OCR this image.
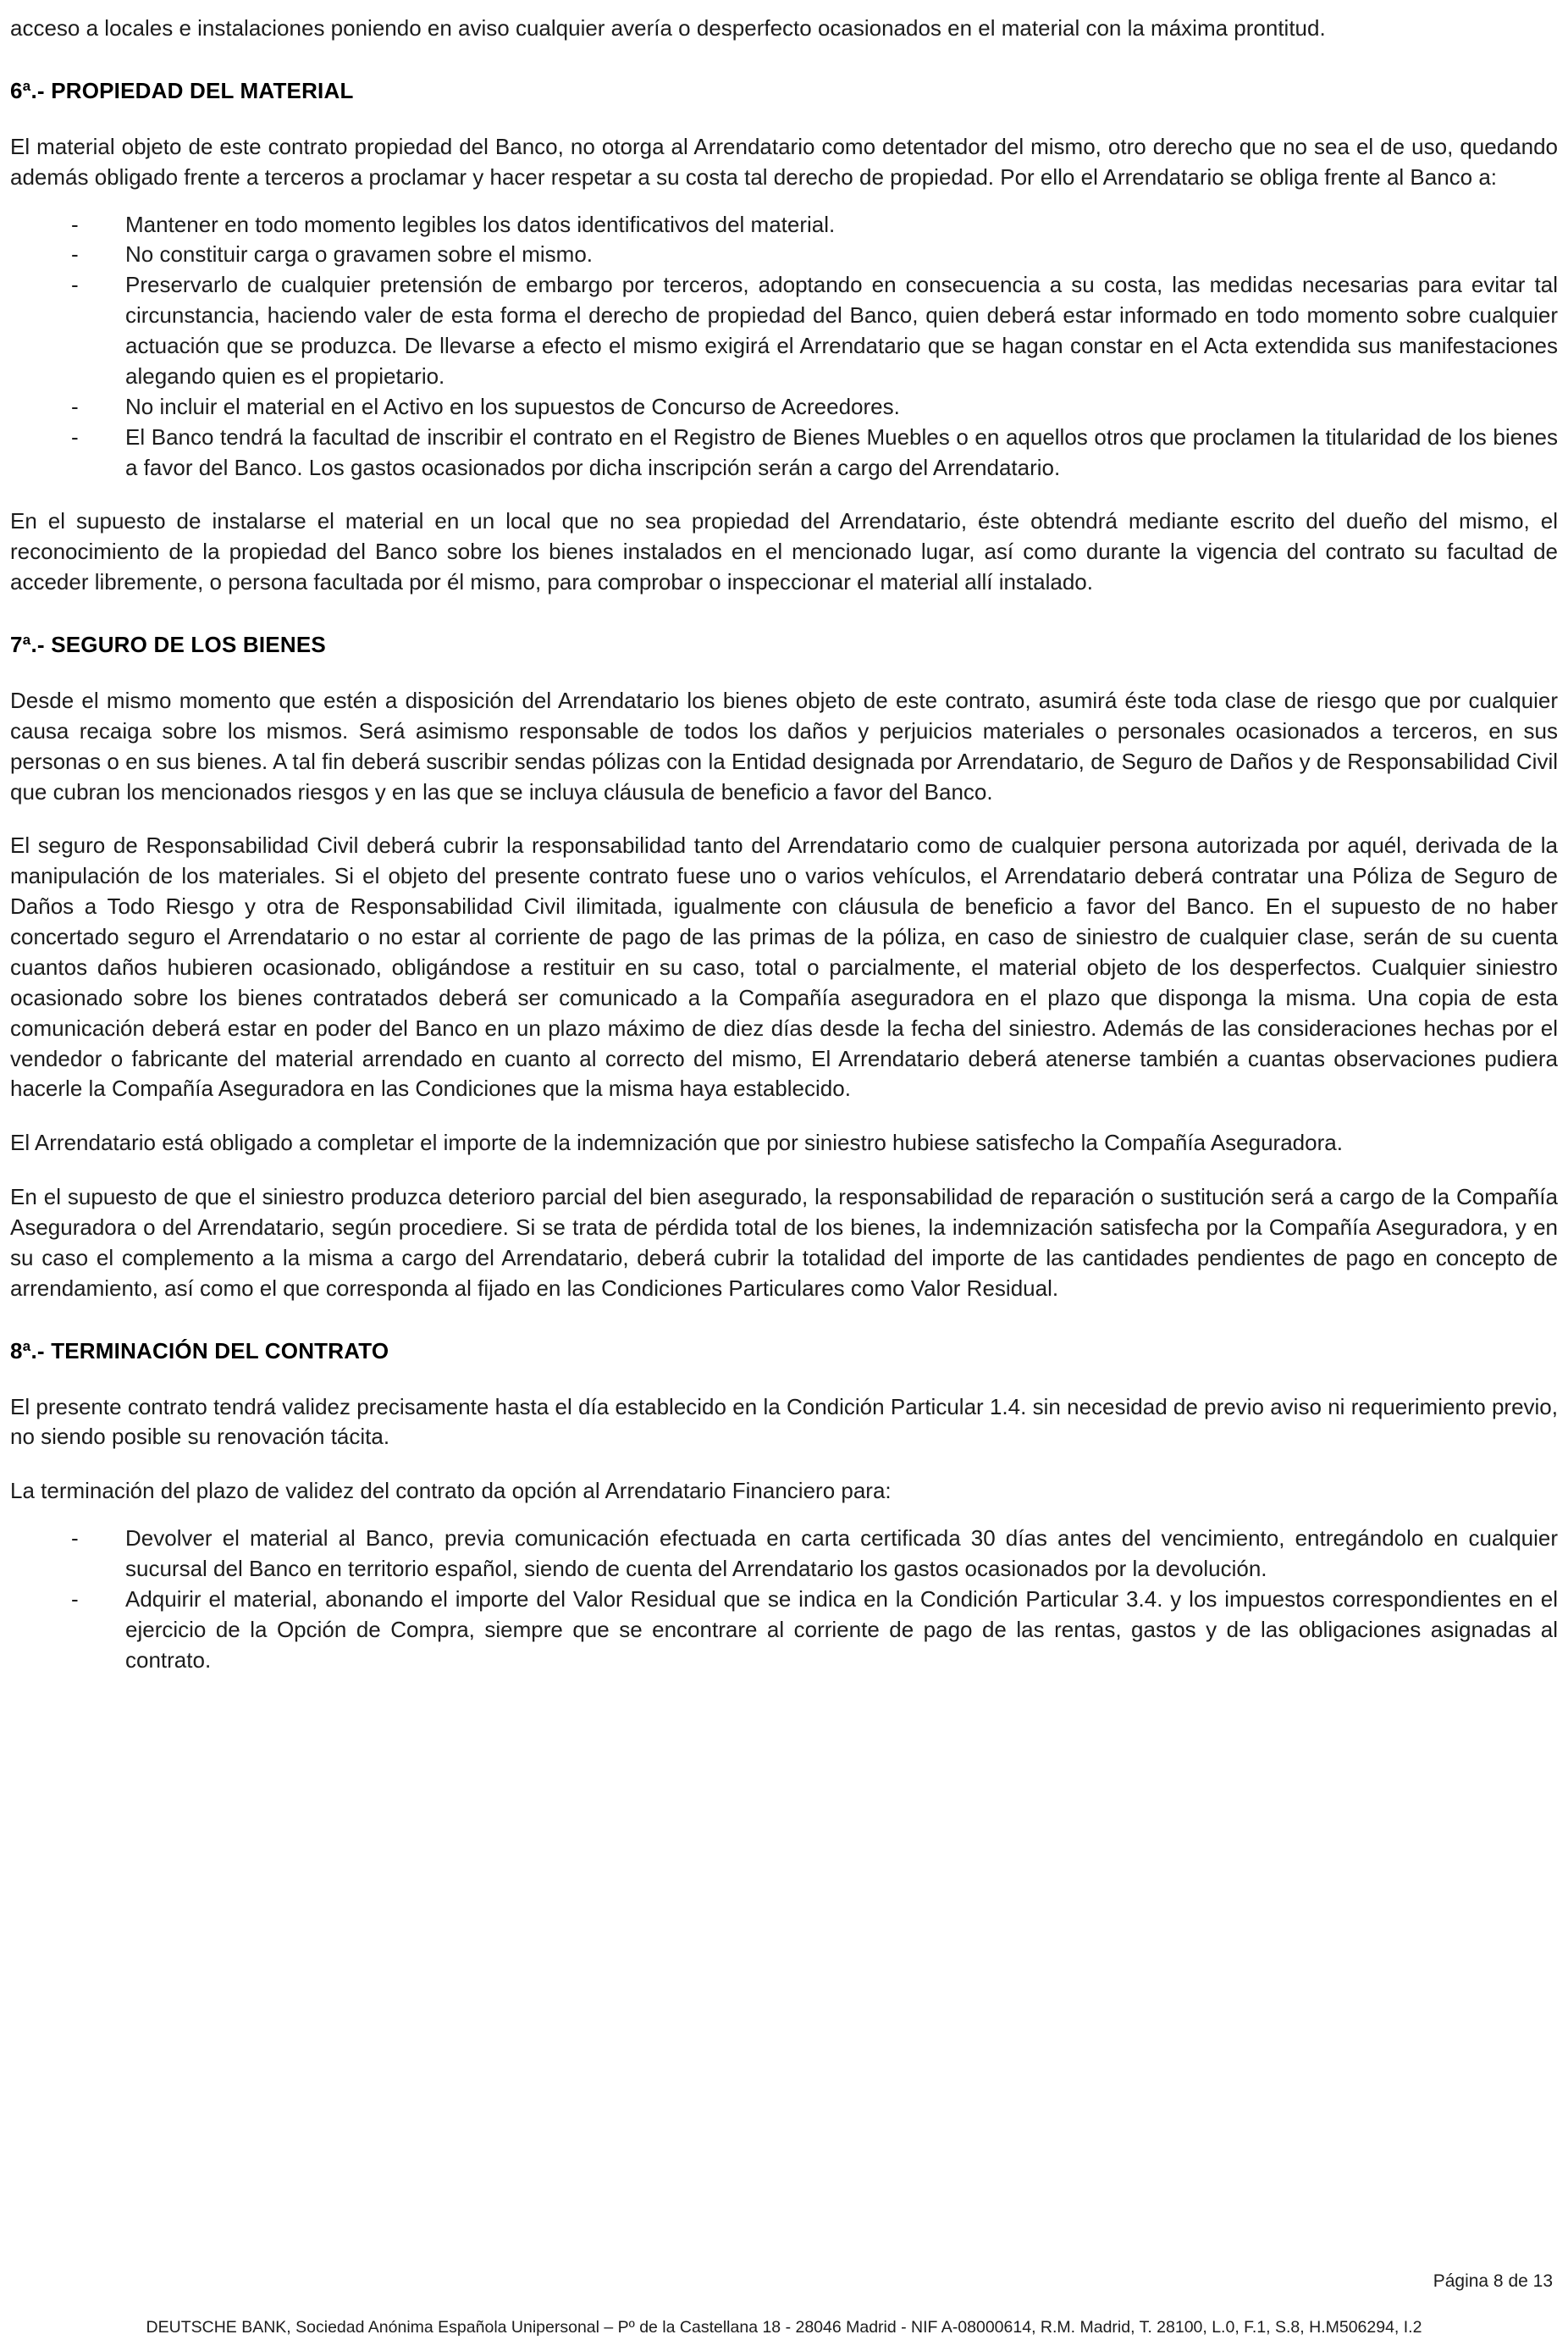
acceso a locales e instalaciones poniendo en aviso cualquier avería o desperfecto ocasionados en el material con la máxima prontitud.

6ª.- PROPIEDAD DEL MATERIAL

El material objeto de este contrato propiedad del Banco, no otorga al Arrendatario como detentador del mismo, otro derecho que no sea el de uso, quedando además obligado frente a terceros a proclamar y hacer respetar a su costa tal derecho de propiedad. Por ello el Arrendatario se obliga frente al Banco a:

-	Mantener en todo momento legibles los datos identificativos del material.
-	No constituir carga o gravamen sobre el mismo.
-	Preservarlo de cualquier pretensión de embargo por terceros, adoptando en consecuencia a su costa, las medidas necesarias para evitar tal circunstancia, haciendo valer de esta forma el derecho de propiedad del Banco, quien deberá estar informado en todo momento sobre cualquier actuación que se produzca. De llevarse a efecto el mismo exigirá el Arrendatario que se hagan constar en el Acta extendida sus manifestaciones alegando quien es el propietario.
-	No incluir el material en el Activo en los supuestos de Concurso de Acreedores.
-	El Banco tendrá la facultad de inscribir el contrato en el Registro de Bienes Muebles o en aquellos otros que proclamen la titularidad de los bienes a favor del Banco. Los gastos ocasionados por dicha inscripción serán a cargo del Arrendatario.

En el supuesto de instalarse el material en un local que no sea propiedad del Arrendatario, éste obtendrá mediante escrito del dueño del mismo, el reconocimiento de la propiedad del Banco sobre los bienes instalados en el mencionado lugar, así como durante la vigencia del contrato su facultad de acceder libremente, o persona facultada por él mismo, para comprobar o inspeccionar el material allí instalado.

7ª.- SEGURO DE LOS BIENES

Desde el mismo momento que estén a disposición del Arrendatario los bienes objeto de este contrato, asumirá éste toda clase de riesgo que por cualquier causa recaiga sobre los mismos. Será asimismo responsable de todos los daños y perjuicios materiales o personales ocasionados a terceros, en sus personas o en sus bienes. A tal fin deberá suscribir sendas pólizas con la Entidad designada por Arrendatario, de Seguro de Daños y de Responsabilidad Civil que cubran los mencionados riesgos y en las que se incluya cláusula de beneficio a favor del Banco.

El seguro de Responsabilidad Civil deberá cubrir la responsabilidad tanto del Arrendatario como de cualquier persona autorizada por aquél, derivada de la manipulación de los materiales. Si el objeto del presente contrato fuese uno o varios vehículos, el Arrendatario deberá contratar una Póliza de Seguro de Daños a Todo Riesgo y otra de Responsabilidad Civil ilimitada, igualmente con cláusula de beneficio a favor del Banco. En el supuesto de no haber concertado seguro el Arrendatario o no estar al corriente de pago de las primas de la póliza, en caso de siniestro de cualquier clase, serán de su cuenta cuantos daños hubieren ocasionado, obligándose a restituir en su caso, total o parcialmente, el material objeto de los desperfectos. Cualquier siniestro ocasionado sobre los bienes contratados deberá ser comunicado a la Compañía aseguradora en el plazo que disponga la misma. Una copia de esta comunicación deberá estar en poder del Banco en un plazo máximo de diez días desde la fecha del siniestro. Además de las consideraciones hechas por el vendedor o fabricante del material arrendado en cuanto al correcto del mismo, El Arrendatario deberá atenerse también a cuantas observaciones pudiera hacerle la Compañía Aseguradora en las Condiciones que la misma haya establecido.

El Arrendatario está obligado a completar el importe de la indemnización que por siniestro hubiese satisfecho la Compañía Aseguradora.

En el supuesto de que el siniestro produzca deterioro parcial del bien asegurado, la responsabilidad de reparación o sustitución será a cargo de la Compañía Aseguradora o del Arrendatario, según procediere. Si se trata de pérdida total de los bienes, la indemnización satisfecha por la Compañía Aseguradora, y en su caso el complemento a la misma a cargo del Arrendatario, deberá cubrir la totalidad del importe de las cantidades pendientes de pago en concepto de arrendamiento, así como el que corresponda al fijado en las Condiciones Particulares como Valor Residual.

8ª.- TERMINACIÓN DEL CONTRATO

El presente contrato tendrá validez precisamente hasta el día establecido en la Condición Particular 1.4. sin necesidad de previo aviso ni requerimiento previo, no siendo posible su renovación tácita.

La terminación del plazo de validez del contrato da opción al Arrendatario Financiero para:

-	Devolver el material al Banco, previa comunicación efectuada en carta certificada 30 días antes del vencimiento, entregándolo en cualquier sucursal del Banco en territorio español, siendo de cuenta del Arrendatario los gastos ocasionados por la devolución.
-	Adquirir el material, abonando el importe del Valor Residual que se indica en la Condición Particular 3.4. y los impuestos correspondientes en el ejercicio de la Opción de Compra, siempre que se encontrare al corriente de pago de las rentas, gastos y de las obligaciones asignadas al contrato.

Página 8 de 13

DEUTSCHE BANK, Sociedad Anónima Española Unipersonal – Pº de la Castellana 18 - 28046 Madrid - NIF A-08000614, R.M. Madrid, T. 28100, L.0, F.1, S.8, H.M506294, I.2
